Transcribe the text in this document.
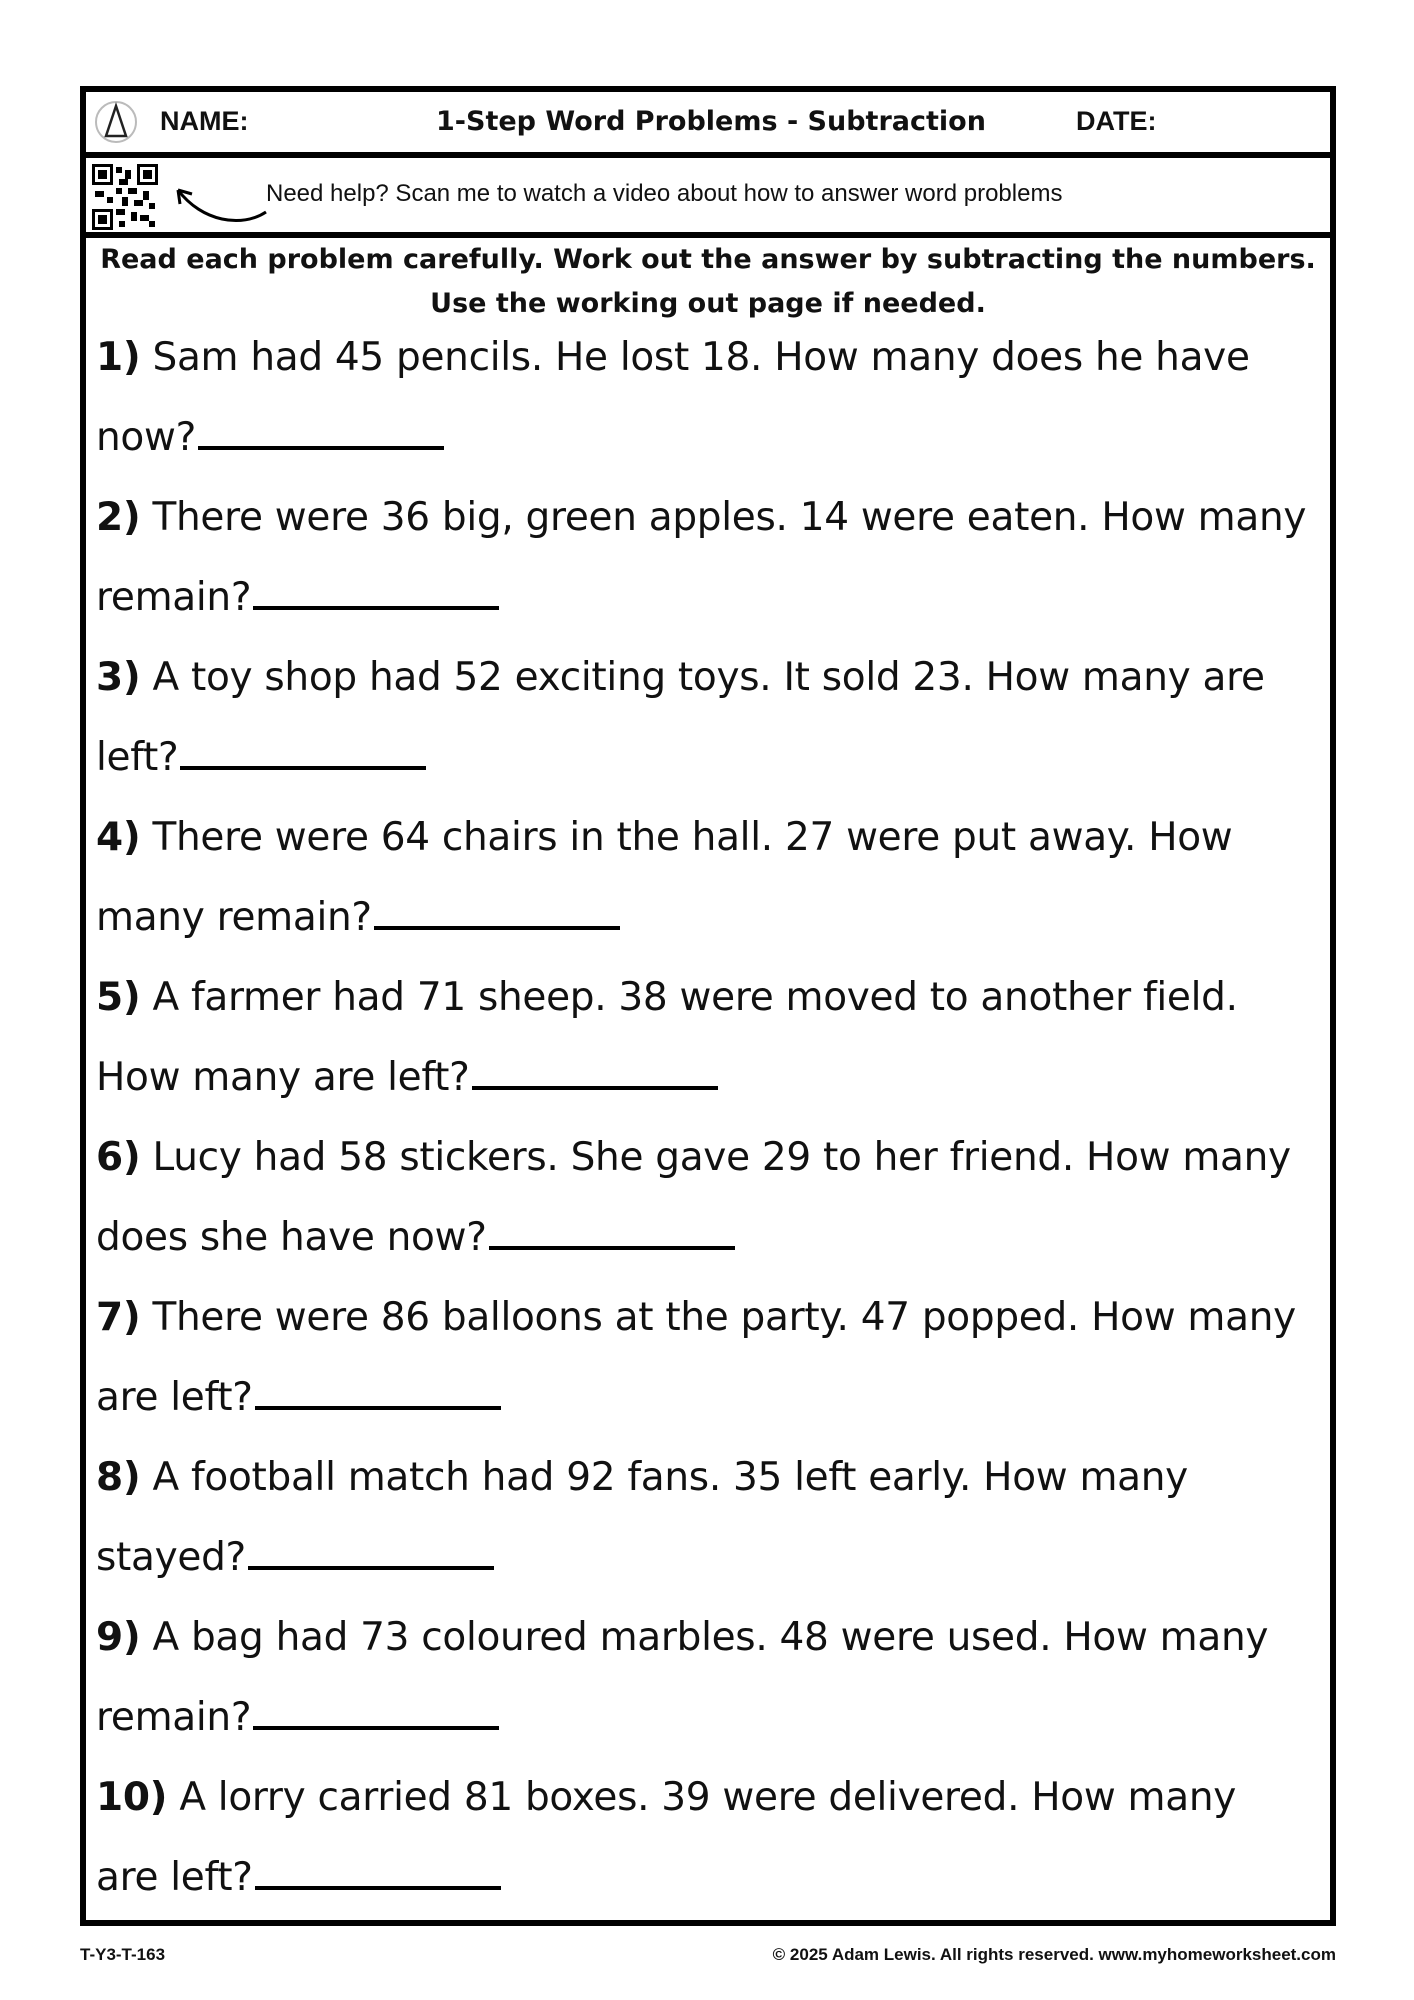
NAME:	1-Step Word Problems - Subtraction	DATE:
Need help? Scan me to watch a video about how to answer word problems
Read each problem carefully. Work out the answer by subtracting the numbers.
Use the working out page if needed.
1) Sam had 45 pencils. He lost 18. How many does he have
now?
2) There were 36 big, green apples. 14 were eaten. How many
remain?
3) A toy shop had 52 exciting toys. It sold 23. How many are
left?
4) There were 64 chairs in the hall. 27 were put away. How
many remain?
5) A farmer had 71 sheep. 38 were moved to another field.
How many are left?
6) Lucy had 58 stickers. She gave 29 to her friend. How many
does she have now?
7) There were 86 balloons at the party. 47 popped. How many
are left?
8) A football match had 92 fans. 35 left early. How many
stayed?
9) A bag had 73 coloured marbles. 48 were used. How many
remain?
10) A lorry carried 81 boxes. 39 were delivered. How many
are left?
T-Y3-T-163	© 2025 Adam Lewis. All rights reserved. www.myhomeworksheet.com
